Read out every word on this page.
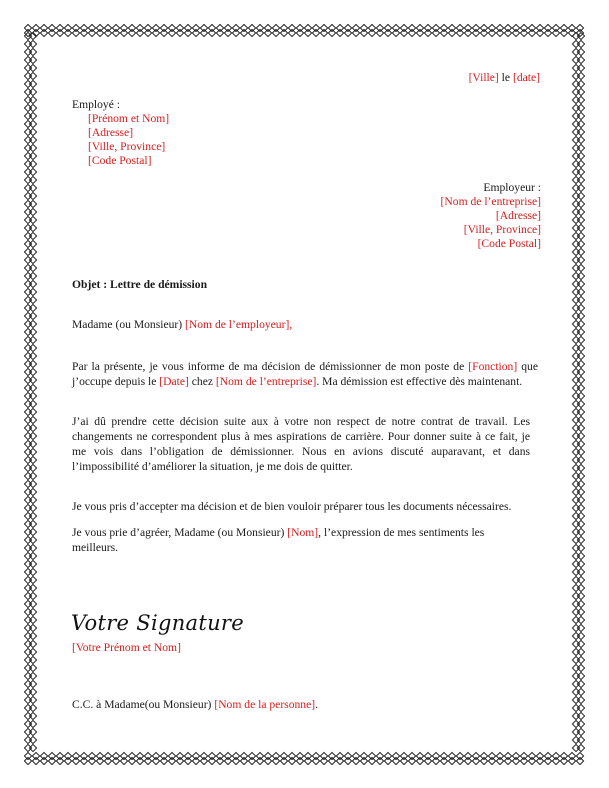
[Ville] le [date]
Employé :
[Prénom et Nom]
[Adresse]
[Ville, Province]
[Code Postal]
Employeur :
[Nom de l’entreprise]
[Adresse]
[Ville, Province]
[Code Postal]
Objet : Lettre de démission
Madame (ou Monsieur) [Nom de l’employeur],
Par la présente, je vous informe de ma décision de démissionner de mon poste de [Fonction] que j’occupe depuis le [Date] chez [Nom de l’entreprise]. Ma démission est effective dès maintenant.
J’ai dû prendre cette décision suite aux à votre non respect de notre contrat de travail. Les changements ne correspondent plus à mes aspirations de carrière. Pour donner suite à ce fait, je me vois dans l’obligation de démissionner. Nous en avions discuté auparavant, et dans l’impossibilité d’améliorer la situation, je me dois de quitter.
Je vous pris d’accepter ma décision et de bien vouloir préparer tous les documents nécessaires.
Je vous prie d’agréer, Madame (ou Monsieur) [Nom], l’expression de mes sentiments les meilleurs.
Votre Signature
[Votre Prénom et Nom]
C.C. à Madame(ou Monsieur) [Nom de la personne].
